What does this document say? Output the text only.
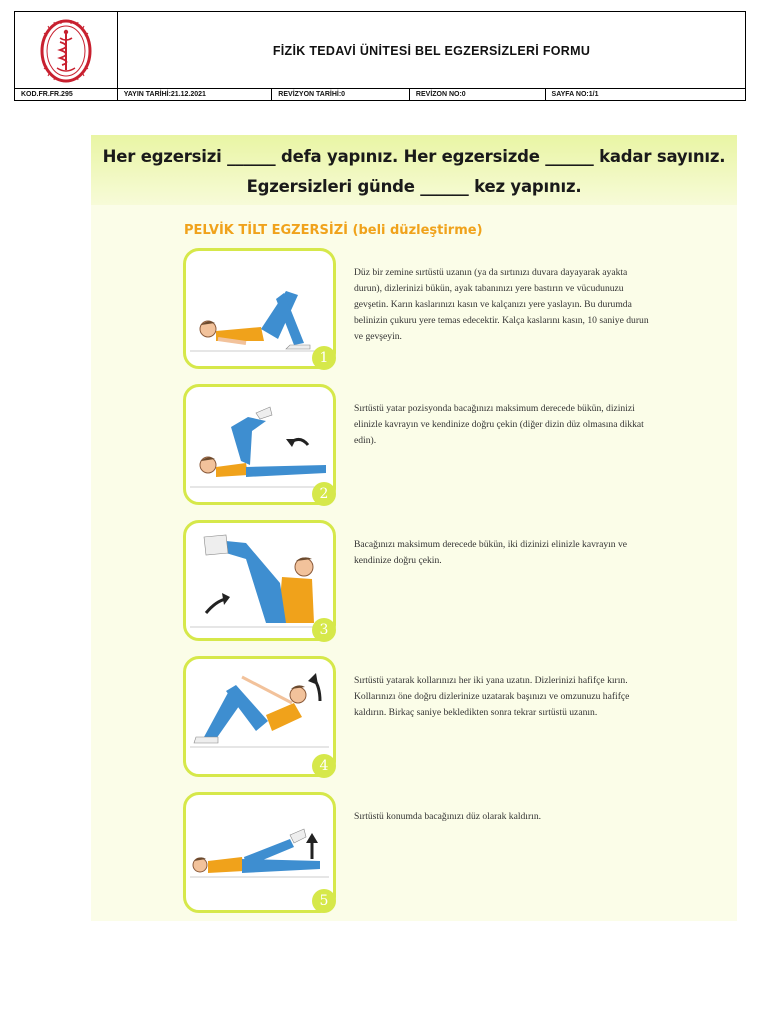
FİZİK TEDAVİ ÜNİTESİ BEL EGZERSİZLERİ FORMU
KOD.FR.FR.295	YAYIN TARİHİ:21.12.2021	REVİZYON TARİHİ:0	REVİZON NO:0	SAYFA NO:1/1
Her egzersizi ______ defa yapınız. Her egzersizde ______ kadar sayınız.
Egzersizleri günde ______ kez yapınız.
PELVİK TİLT EGZERSİZİ (beli düzleştirme)
1
Düz bir zemine sırtüstü uzanın (ya da sırtınızı duvara dayayarak ayakta durun), dizlerinizi bükün, ayak tabanınızı yere bastırın ve vücudunuzu gevşetin. Karın kaslarınızı kasın ve kalçanızı yere yaslayın. Bu durumda belinizin çukuru yere temas edecektir. Kalça kaslarını kasın, 10 saniye durun ve gevşeyin.
2
Sırtüstü yatar pozisyonda bacağınızı maksimum derecede bükün, dizinizi elinizle kavrayın ve kendinize doğru çekin (diğer dizin düz olmasına dikkat edin).
3
Bacağınızı maksimum derecede bükün, iki dizinizi elinizle kavrayın ve kendinize doğru çekin.
4
Sırtüstü yatarak kollarınızı her iki yana uzatın. Dizlerinizi hafifçe kırın. Kollarınızı öne doğru dizlerinize uzatarak başınızı ve omzunuzu hafifçe kaldırın. Birkaç saniye bekledikten sonra tekrar sırtüstü uzanın.
5
Sırtüstü konumda bacağınızı düz olarak kaldırın.
